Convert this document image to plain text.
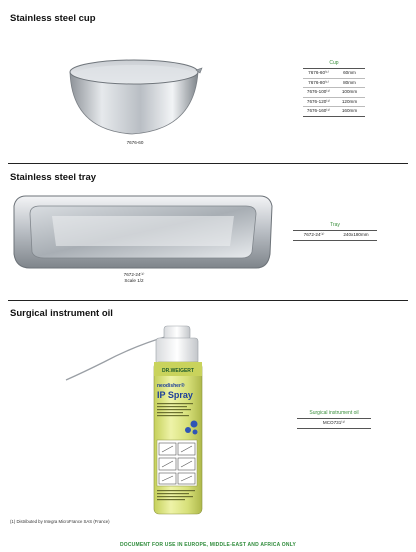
Stainless steel cup
7676-60
Cup
7676-60⁽¹⁾	60mm
7676-80⁽¹⁾	80mm
7676-100⁽¹⁾	100mm
7676-120⁽¹⁾	120mm
7676-160⁽¹⁾	160mm
Stainless steel tray
7672-24⁽¹⁾
Scale 1/2
Tray
7672-24⁽¹⁾	240x180mm
Surgical instrument oil
DR.WEIGERT
neodisher®
IP Spray
Surgical instrument oil
MCO731⁽¹⁾
(1) Distributed by Integra MicroFrance SAS (France)
DOCUMENT FOR USE IN EUROPE, MIDDLE-EAST AND AFRICA ONLY
